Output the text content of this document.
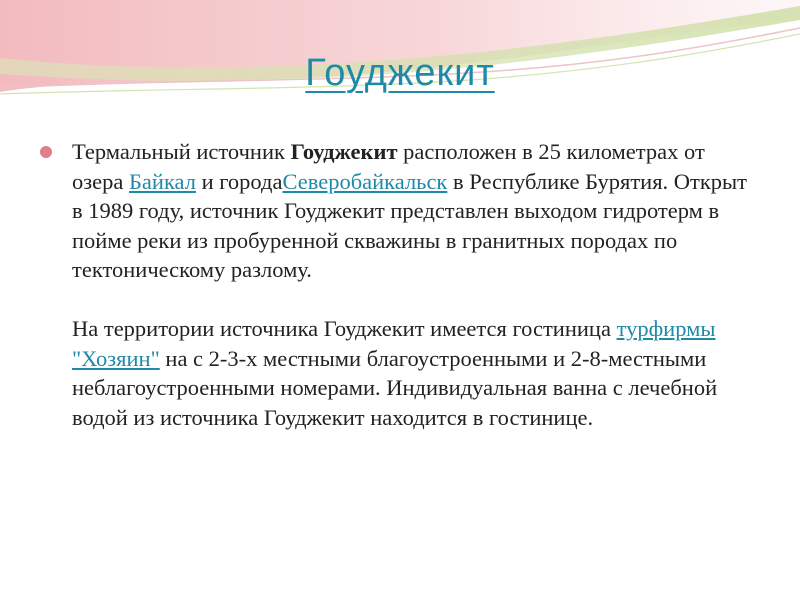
Гоуджекит

Термальный источник Гоуджекит расположен в 25 километрах от озера Байкал и городаСеверобайкальск в Республике Бурятия. Открыт в 1989 году, источник Гоуджекит представлен выходом гидротерм в пойме реки из пробуренной скважины в гранитных породах по тектоническому разлому.

На территории источника Гоуджекит имеется гостиница турфирмы "Хозяин" на с 2-3-х местными благоустроенными и 2-8-местными неблагоустроенными номерами. Индивидуальная ванна с лечебной водой из источника Гоуджекит находится в гостинице.
